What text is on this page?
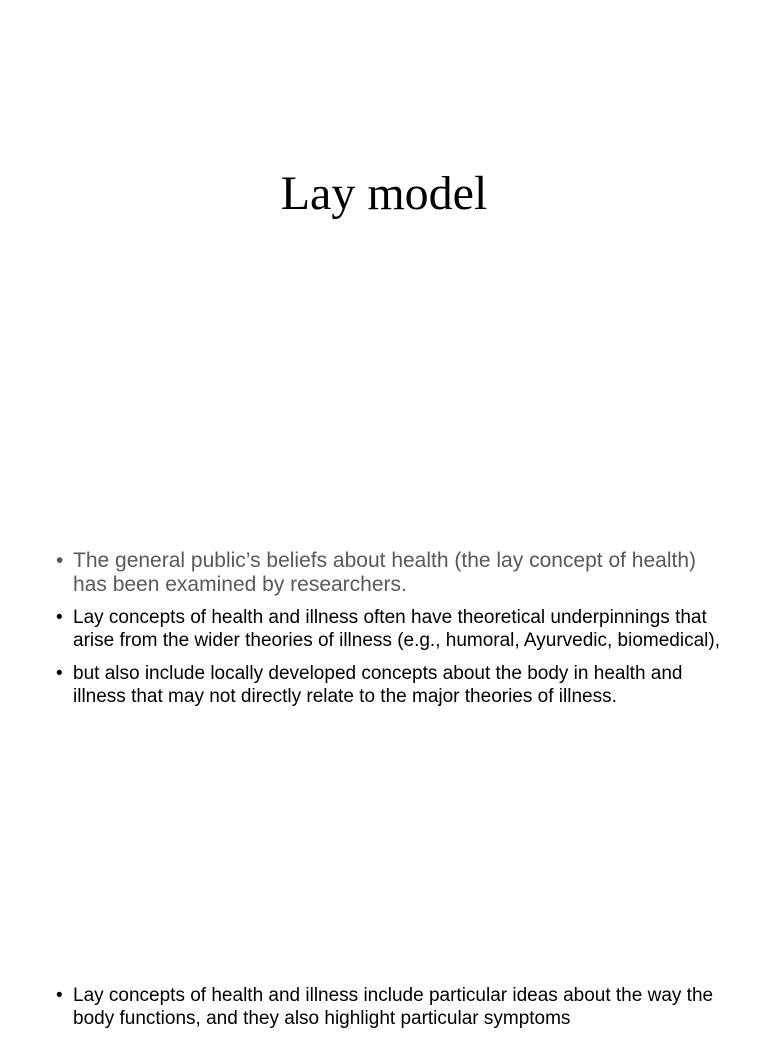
Lay model
• The general public’s beliefs about health (the lay concept of health) has been examined by researchers.
• Lay concepts of health and illness often have theoretical underpinnings that arise from the wider theories of illness (e.g., humoral, Ayurvedic, biomedical),
• but also include locally developed concepts about the body in health and illness that may not directly relate to the major theories of illness.
• Lay concepts of health and illness include particular ideas about the way the body functions, and they also highlight particular symptoms
